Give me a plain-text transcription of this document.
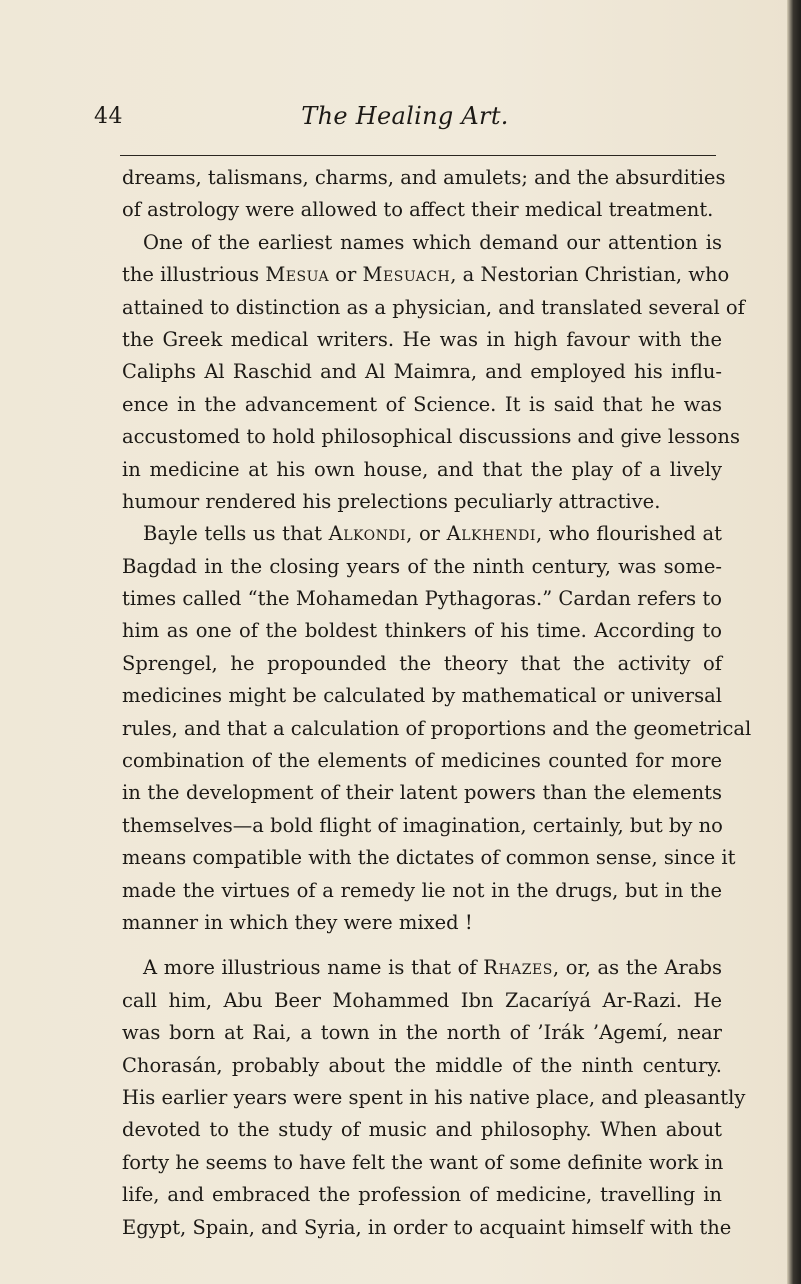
44	The Healing Art.
dreams, talismans, charms, and amulets; and the absurdities
of astrology were allowed to affect their medical treatment.
One of the earliest names which demand our attention is
the illustrious Mesua or Mesuach, a Nestorian Christian, who
attained to distinction as a physician, and translated several of
the Greek medical writers. He was in high favour with the
Caliphs Al Raschid and Al Maimra, and employed his influ-
ence in the advancement of Science. It is said that he was
accustomed to hold philosophical discussions and give lessons
in medicine at his own house, and that the play of a lively
humour rendered his prelections peculiarly attractive.
Bayle tells us that Alkondi, or Alkhendi, who flourished at
Bagdad in the closing years of the ninth century, was some-
times called “the Mohamedan Pythagoras.” Cardan refers to
him as one of the boldest thinkers of his time. According to
Sprengel, he propounded the theory that the activity of
medicines might be calculated by mathematical or universal
rules, and that a calculation of proportions and the geometrical
combination of the elements of medicines counted for more
in the development of their latent powers than the elements
themselves—a bold flight of imagination, certainly, but by no
means compatible with the dictates of common sense, since it
made the virtues of a remedy lie not in the drugs, but in the
manner in which they were mixed !
A more illustrious name is that of Rhazes, or, as the Arabs
call him, Abu Beer Mohammed Ibn Zacaríyá Ar-Razi. He
was born at Rai, a town in the north of ’Irák ’Agemí, near
Chorasán, probably about the middle of the ninth century.
His earlier years were spent in his native place, and pleasantly
devoted to the study of music and philosophy. When about
forty he seems to have felt the want of some definite work in
life, and embraced the profession of medicine, travelling in
Egypt, Spain, and Syria, in order to acquaint himself with the
